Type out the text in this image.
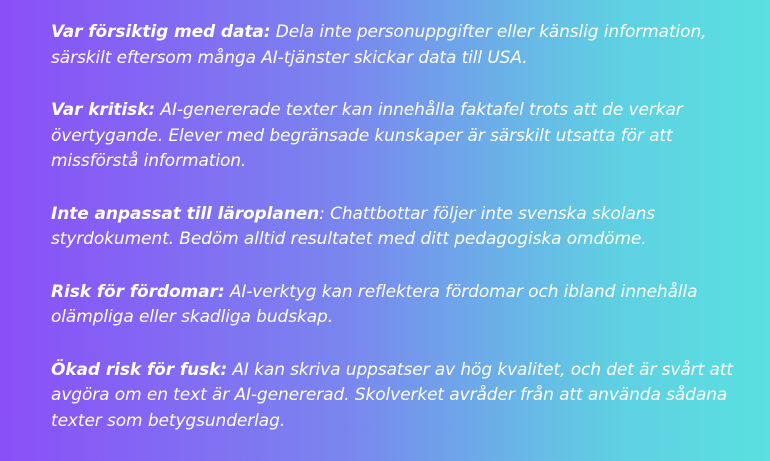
Var försiktig med data: Dela inte personuppgifter eller känslig information, särskilt eftersom många AI-tjänster skickar data till USA.

Var kritisk: AI-genererade texter kan innehålla faktafel trots att de verkar övertygande. Elever med begränsade kunskaper är särskilt utsatta för att missförstå information.

Inte anpassat till läroplanen: Chattbottar följer inte svenska skolans styrdokument. Bedöm alltid resultatet med ditt pedagogiska omdöme.

Risk för fördomar: AI-verktyg kan reflektera fördomar och ibland innehålla olämpliga eller skadliga budskap.

Ökad risk för fusk: AI kan skriva uppsatser av hög kvalitet, och det är svårt att avgöra om en text är AI-genererad. Skolverket avråder från att använda sådana texter som betygsunderlag.
